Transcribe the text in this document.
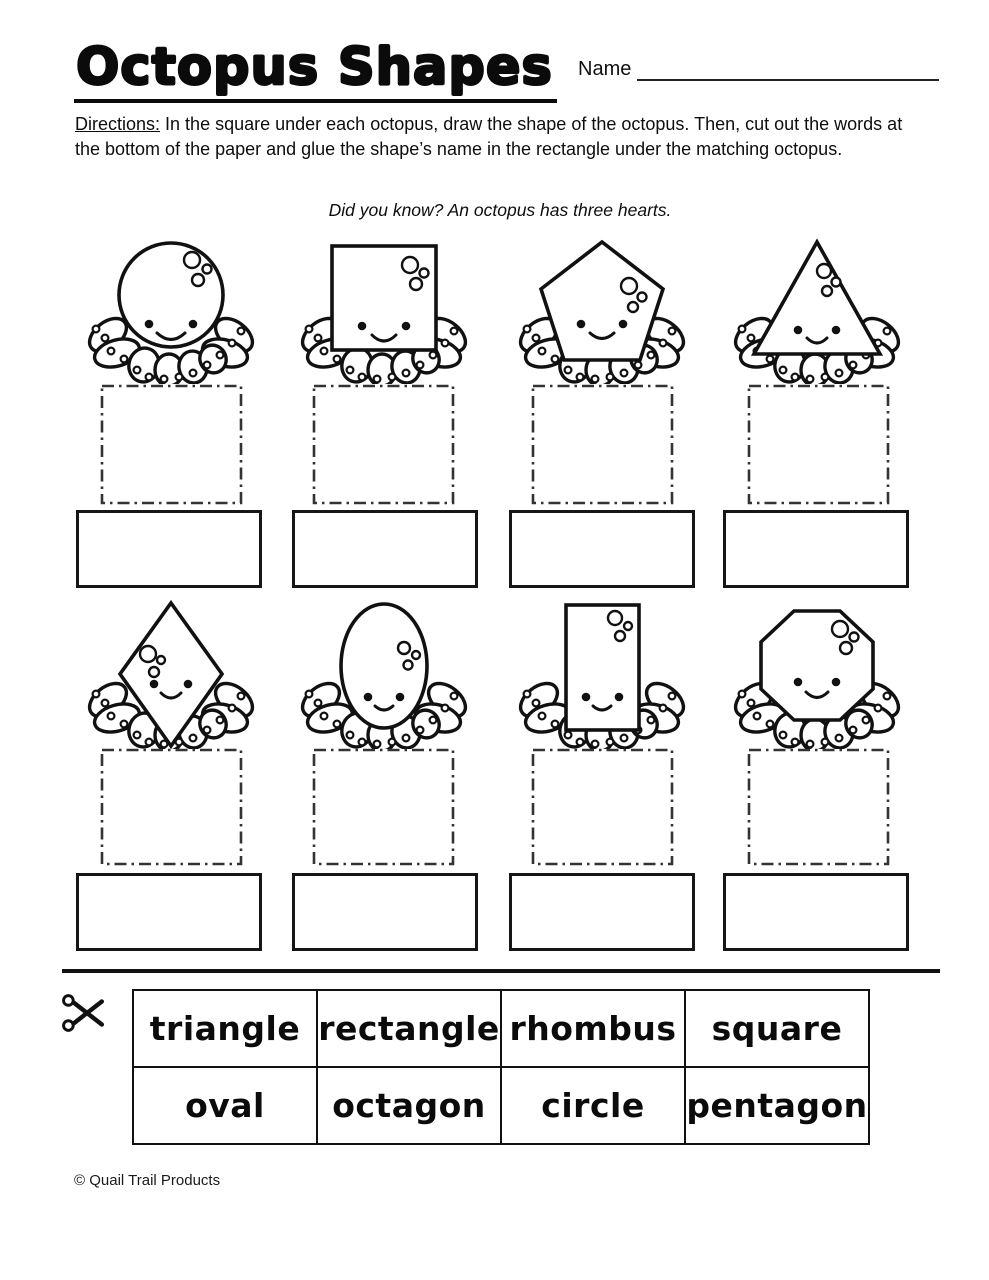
Octopus Shapes Name
Directions: In the square under each octopus, draw the shape of the octopus. Then, cut out the words at the bottom of the paper and glue the shape’s name in the rectangle under the matching octopus.
Did you know? An octopus has three hearts.
triangle	rectangle	rhombus	square
oval	octagon	circle	pentagon
© Quail Trail Products
